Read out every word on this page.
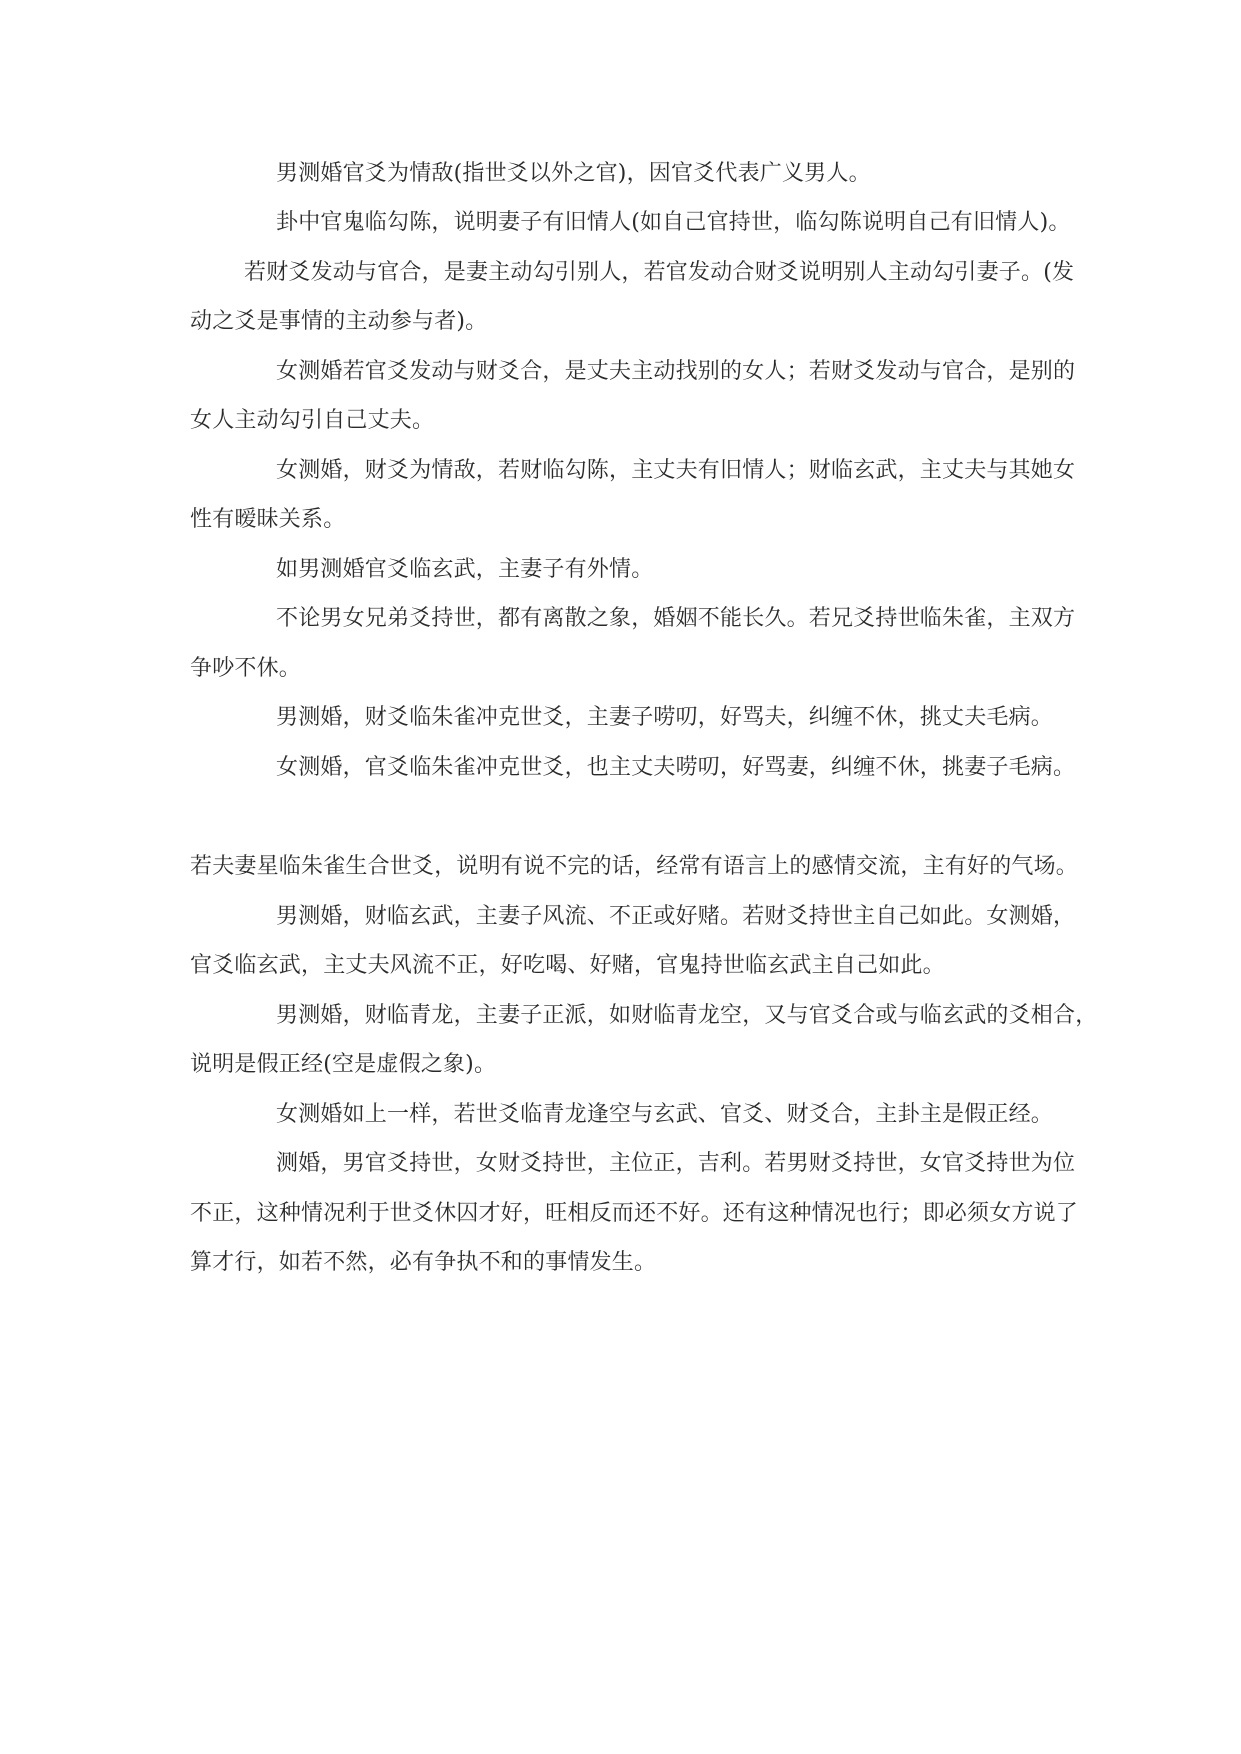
男测婚官爻为情敌(指世爻以外之官)，因官爻代表广义男人。
卦中官鬼临勾陈，说明妻子有旧情人(如自己官持世，临勾陈说明自己有旧情人)。
若财爻发动与官合，是妻主动勾引别人，若官发动合财爻说明别人主动勾引妻子。(发
动之爻是事情的主动参与者)。
女测婚若官爻发动与财爻合，是丈夫主动找别的女人；若财爻发动与官合，是别的
女人主动勾引自己丈夫。
女测婚，财爻为情敌，若财临勾陈，主丈夫有旧情人；财临玄武，主丈夫与其她女
性有暧昧关系。
如男测婚官爻临玄武，主妻子有外情。
不论男女兄弟爻持世，都有离散之象，婚姻不能长久。若兄爻持世临朱雀，主双方
争吵不休。
男测婚，财爻临朱雀冲克世爻，主妻子唠叨，好骂夫，纠缠不休，挑丈夫毛病。
女测婚，官爻临朱雀冲克世爻，也主丈夫唠叨，好骂妻，纠缠不休，挑妻子毛病。
若夫妻星临朱雀生合世爻，说明有说不完的话，经常有语言上的感情交流，主有好的气场。
男测婚，财临玄武，主妻子风流、不正或好赌。若财爻持世主自己如此。女测婚，
官爻临玄武，主丈夫风流不正，好吃喝、好赌，官鬼持世临玄武主自己如此。
男测婚，财临青龙，主妻子正派，如财临青龙空，又与官爻合或与临玄武的爻相合，
说明是假正经(空是虚假之象)。
女测婚如上一样，若世爻临青龙逢空与玄武、官爻、财爻合，主卦主是假正经。
测婚，男官爻持世，女财爻持世，主位正，吉利。若男财爻持世，女官爻持世为位
不正，这种情况利于世爻休囚才好，旺相反而还不好。还有这种情况也行；即必须女方说了
算才行，如若不然，必有争执不和的事情发生。
